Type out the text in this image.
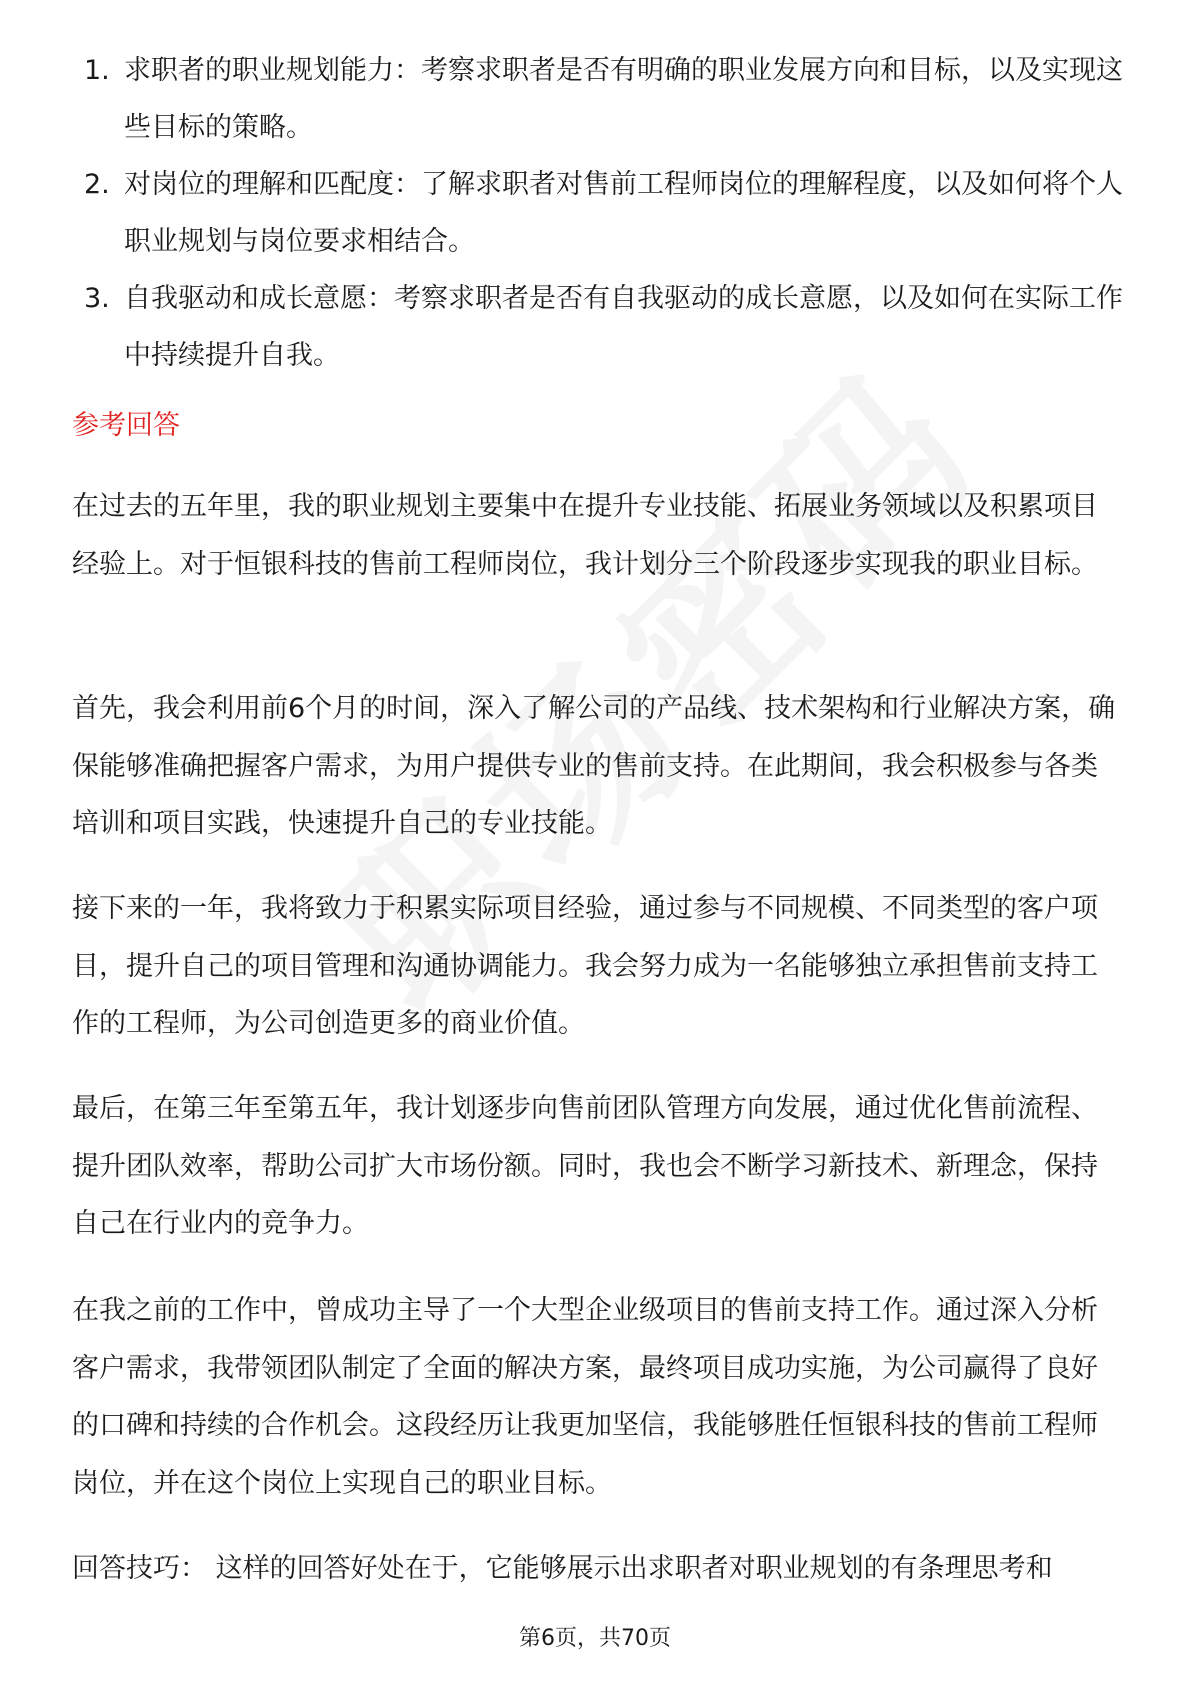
1. 求职者的职业规划能力：考察求职者是否有明确的职业发展方向和目标，以及实现这些目标的策略。
2. 对岗位的理解和匹配度：了解求职者对售前工程师岗位的理解程度，以及如何将个人职业规划与岗位要求相结合。
3. 自我驱动和成长意愿：考察求职者是否有自我驱动的成长意愿，以及如何在实际工作中持续提升自我。
参考回答

在过去的五年里，我的职业规划主要集中在提升专业技能、拓展业务领域以及积累项目经验上。对于恒银科技的售前工程师岗位，我计划分三个阶段逐步实现我的职业目标。

首先，我会利用前6个月的时间，深入了解公司的产品线、技术架构和行业解决方案，确保能够准确把握客户需求，为用户提供专业的售前支持。在此期间，我会积极参与各类培训和项目实践，快速提升自己的专业技能。

接下来的一年，我将致力于积累实际项目经验，通过参与不同规模、不同类型的客户项目，提升自己的项目管理和沟通协调能力。我会努力成为一名能够独立承担售前支持工作的工程师，为公司创造更多的商业价值。

最后，在第三年至第五年，我计划逐步向售前团队管理方向发展，通过优化售前流程、提升团队效率，帮助公司扩大市场份额。同时，我也会不断学习新技术、新理念，保持自己在行业内的竞争力。

在我之前的工作中，曾成功主导了一个大型企业级项目的售前支持工作。通过深入分析客户需求，我带领团队制定了全面的解决方案，最终项目成功实施，为公司赢得了良好的口碑和持续的合作机会。这段经历让我更加坚信，我能够胜任恒银科技的售前工程师岗位，并在这个岗位上实现自己的职业目标。

回答技巧： 这样的回答好处在于，它能够展示出求职者对职业规划的有条理思考和

第6页，共70页
